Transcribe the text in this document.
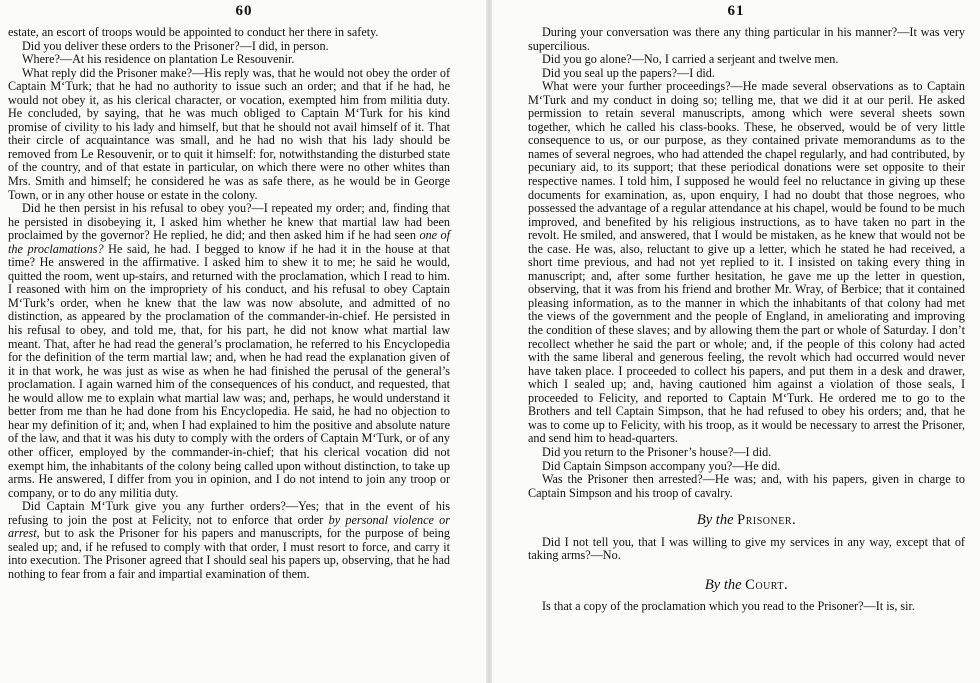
60

estate, an escort of troops would be appointed to conduct her there in safety.

Did you deliver these orders to the Prisoner?—I did, in person.

Where?—At his residence on plantation Le Resouvenir.

What reply did the Prisoner make?—His reply was, that he would not obey the order of Captain M‘Turk; that he had no authority to issue such an order; and that if he had, he would not obey it, as his clerical character, or vocation, exempted him from militia duty. He concluded, by saying, that he was much obliged to Captain M‘Turk for his kind promise of civility to his lady and himself, but that he should not avail himself of it. That their circle of acquaintance was small, and he had no wish that his lady should be removed from Le Resouvenir, or to quit it himself: for, notwithstanding the disturbed state of the country, and of that estate in particular, on which there were no other whites than Mrs. Smith and himself; he considered he was as safe there, as he would be in George Town, or in any other house or estate in the colony.

Did he then persist in his refusal to obey you?—I repeated my order; and, finding that he persisted in disobeying it, I asked him whether he knew that martial law had been proclaimed by the governor? He replied, he did; and then asked him if he had seen one of the proclamations? He said, he had. I begged to know if he had it in the house at that time? He answered in the affirmative. I asked him to shew it to me; he said he would, quitted the room, went up-stairs, and returned with the proclamation, which I read to him. I reasoned with him on the impropriety of his conduct, and his refusal to obey Captain M‘Turk’s order, when he knew that the law was now absolute, and admitted of no distinction, as appeared by the proclamation of the commander-in-chief. He persisted in his refusal to obey, and told me, that, for his part, he did not know what martial law meant. That, after he had read the general’s proclamation, he referred to his Encyclopedia for the definition of the term martial law; and, when he had read the explanation given of it in that work, he was just as wise as when he had finished the perusal of the general’s proclamation. I again warned him of the consequences of his conduct, and requested, that he would allow me to explain what martial law was; and, perhaps, he would understand it better from me than he had done from his Encyclopedia. He said, he had no objection to hear my definition of it; and, when I had explained to him the positive and absolute nature of the law, and that it was his duty to comply with the orders of Captain M‘Turk, or of any other officer, employed by the commander-in-chief; that his clerical vocation did not exempt him, the inhabitants of the colony being called upon without distinction, to take up arms. He answered, I differ from you in opinion, and I do not intend to join any troop or company, or to do any militia duty.

Did Captain M‘Turk give you any further orders?—Yes; that in the event of his refusing to join the post at Felicity, not to enforce that order by personal violence or arrest, but to ask the Prisoner for his papers and manuscripts, for the purpose of being sealed up; and, if he refused to comply with that order, I must resort to force, and carry it into execution. The Prisoner agreed that I should seal his papers up, observing, that he had nothing to fear from a fair and impartial examination of them.

61

During your conversation was there any thing particular in his manner?—It was very supercilious.

Did you go alone?—No, I carried a serjeant and twelve men.

Did you seal up the papers?—I did.

What were your further proceedings?—He made several observations as to Captain M‘Turk and my conduct in doing so; telling me, that we did it at our peril. He asked permission to retain several manuscripts, among which were several sheets sown together, which he called his class-books. These, he observed, would be of very little consequence to us, or our purpose, as they contained private memorandums as to the names of several negroes, who had attended the chapel regularly, and had contributed, by pecuniary aid, to its support; that these periodical donations were set opposite to their respective names. I told him, I supposed he would feel no reluctance in giving up these documents for examination, as, upon enquiry, I had no doubt that those negroes, who possessed the advantage of a regular attendance at his chapel, would be found to be much improved, and benefited by his religious instructions, as to have taken no part in the revolt. He smiled, and answered, that I would be mistaken, as he knew that would not be the case. He was, also, reluctant to give up a letter, which he stated he had received, a short time previous, and had not yet replied to it. I insisted on taking every thing in manuscript; and, after some further hesitation, he gave me up the letter in question, observing, that it was from his friend and brother Mr. Wray, of Berbice; that it contained pleasing information, as to the manner in which the inhabitants of that colony had met the views of the government and the people of England, in ameliorating and improving the condition of these slaves; and by allowing them the part or whole of Saturday. I don’t recollect whether he said the part or whole; and, if the people of this colony had acted with the same liberal and generous feeling, the revolt which had occurred would never have taken place. I proceeded to collect his papers, and put them in a desk and drawer, which I sealed up; and, having cautioned him against a violation of those seals, I proceeded to Felicity, and reported to Captain M‘Turk. He ordered me to go to the Brothers and tell Captain Simpson, that he had refused to obey his orders; and, that he was to come up to Felicity, with his troop, as it would be necessary to arrest the Prisoner, and send him to head-quarters.

Did you return to the Prisoner’s house?—I did.

Did Captain Simpson accompany you?—He did.

Was the Prisoner then arrested?—He was; and, with his papers, given in charge to Captain Simpson and his troop of cavalry.

By the Prisoner.

Did I not tell you, that I was willing to give my services in any way, except that of taking arms?—No.

By the Court.

Is that a copy of the proclamation which you read to the Prisoner?—It is, sir.
